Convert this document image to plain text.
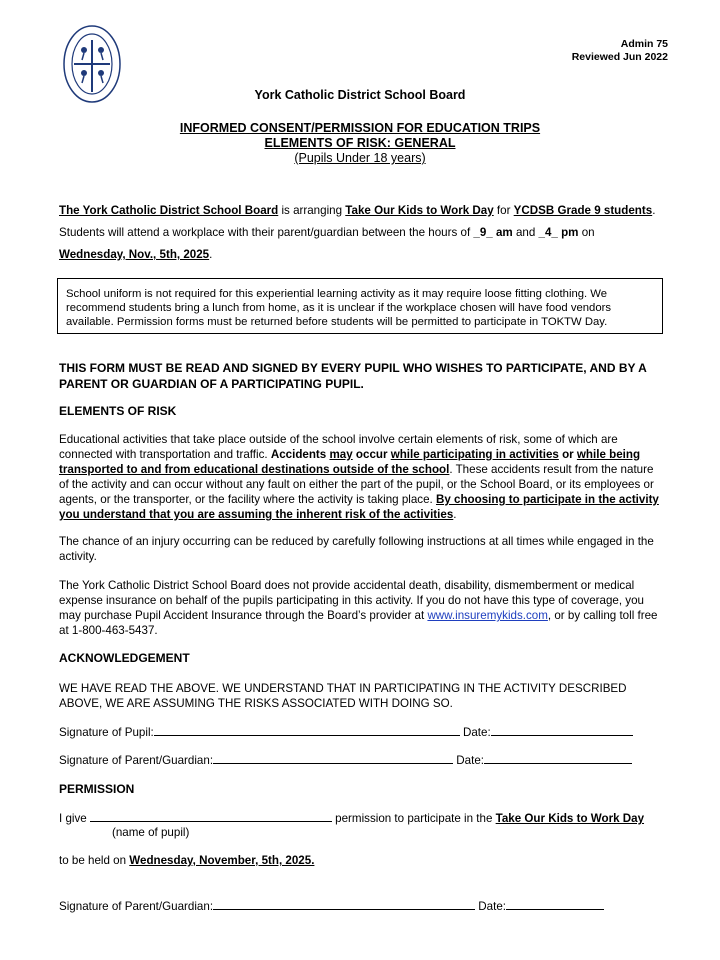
Admin 75
Reviewed Jun 2022
York Catholic District School Board
INFORMED CONSENT/PERMISSION FOR EDUCATION TRIPS
ELEMENTS OF RISK: GENERAL
(Pupils Under 18 years)
The York Catholic District School Board is arranging Take Our Kids to Work Day for YCDSB Grade 9 students. Students will attend a workplace with their parent/guardian between the hours of _9_ am and _4_ pm on Wednesday, Nov., 5th, 2025.
School uniform is not required for this experiential learning activity as it may require loose fitting clothing. We recommend students bring a lunch from home, as it is unclear if the workplace chosen will have food vendors available. Permission forms must be returned before students will be permitted to participate in TOKTW Day.
THIS FORM MUST BE READ AND SIGNED BY EVERY PUPIL WHO WISHES TO PARTICIPATE, AND BY A PARENT OR GUARDIAN OF A PARTICIPATING PUPIL.
ELEMENTS OF RISK
Educational activities that take place outside of the school involve certain elements of risk, some of which are connected with transportation and traffic. Accidents may occur while participating in activities or while being transported to and from educational destinations outside of the school. These accidents result from the nature of the activity and can occur without any fault on either the part of the pupil, or the School Board, or its employees or agents, or the transporter, or the facility where the activity is taking place. By choosing to participate in the activity you understand that you are assuming the inherent risk of the activities.
The chance of an injury occurring can be reduced by carefully following instructions at all times while engaged in the activity.
The York Catholic District School Board does not provide accidental death, disability, dismemberment or medical expense insurance on behalf of the pupils participating in this activity. If you do not have this type of coverage, you may purchase Pupil Accident Insurance through the Board’s provider at www.insuremykids.com, or by calling toll free at 1-800-463-5437.
ACKNOWLEDGEMENT
WE HAVE READ THE ABOVE. WE UNDERSTAND THAT IN PARTICIPATING IN THE ACTIVITY DESCRIBED ABOVE, WE ARE ASSUMING THE RISKS ASSOCIATED WITH DOING SO.
Signature of Pupil:	Date:
Signature of Parent/Guardian:	Date:
PERMISSION
I give	permission to participate in the Take Our Kids to Work Day
(name of pupil)
to be held on Wednesday, November, 5th, 2025.
Signature of Parent/Guardian:	Date:
